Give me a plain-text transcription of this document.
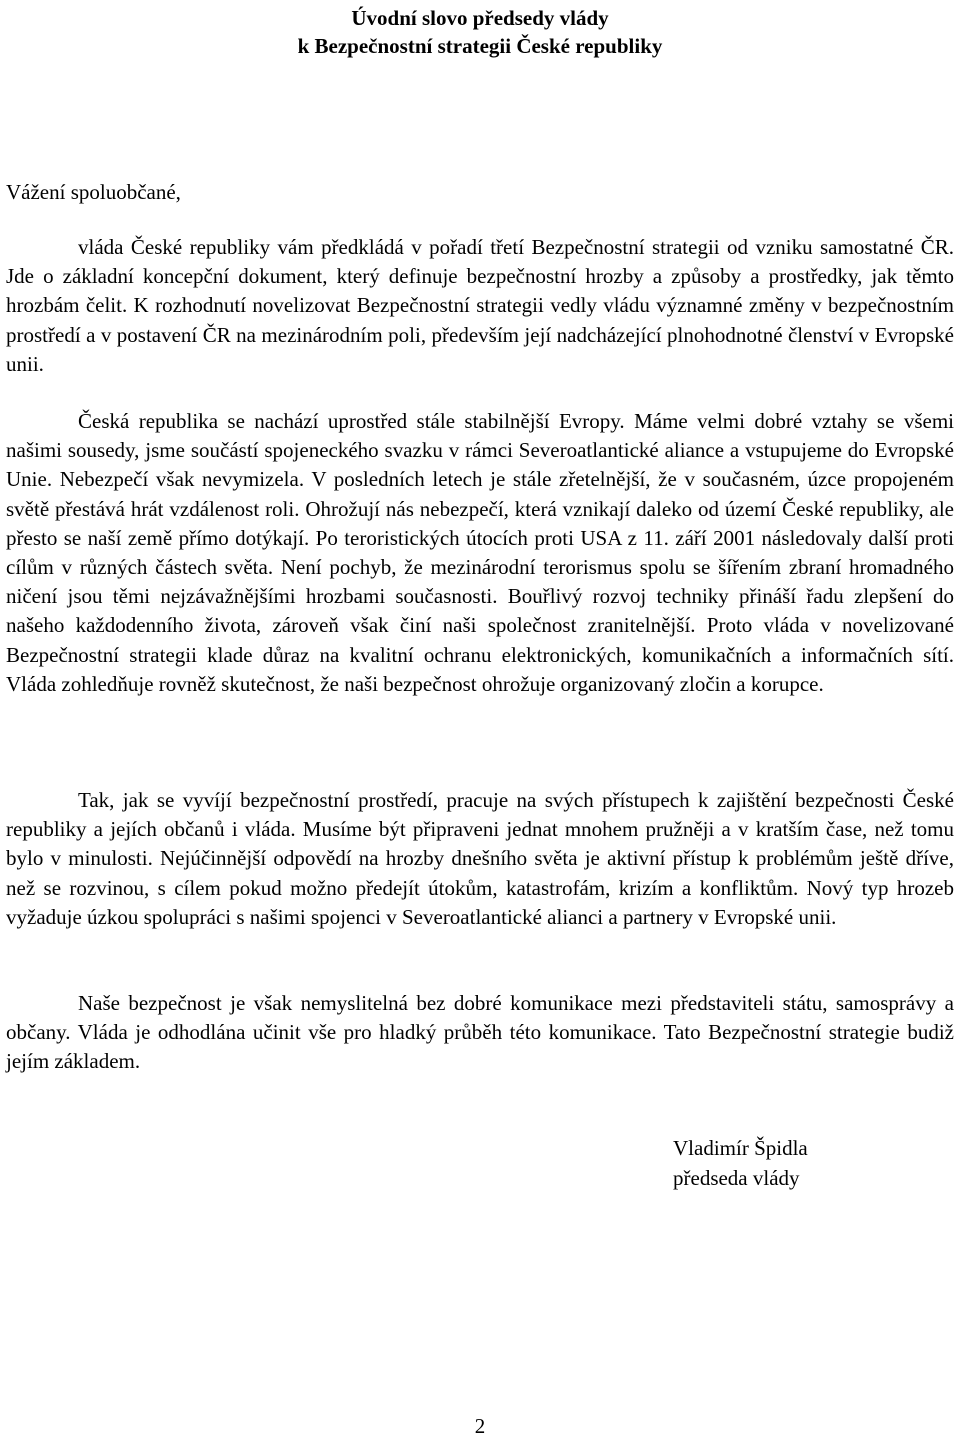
Úvodní slovo předsedy vlády
k Bezpečnostní strategii České republiky

Vážení spoluobčané,

vláda České republiky vám předkládá v pořadí třetí Bezpečnostní strategii od vzniku samostatné ČR. Jde o základní koncepční dokument, který definuje bezpečnostní hrozby a způsoby a prostředky, jak těmto hrozbám čelit. K rozhodnutí novelizovat Bezpečnostní strategii vedly vládu významné změny v bezpečnostním prostředí a v postavení ČR na mezinárodním poli, především její nadcházející plnohodnotné členství v Evropské unii.

Česká republika se nachází uprostřed stále stabilnější Evropy. Máme velmi dobré vztahy se všemi našimi sousedy, jsme součástí spojeneckého svazku v rámci Severoatlantické aliance a vstupujeme do Evropské Unie. Nebezpečí však nevymizela. V posledních letech je stále zřetelnější, že v současném, úzce propojeném světě přestává hrát vzdálenost roli. Ohrožují nás nebezpečí, která vznikají daleko od území České republiky, ale přesto se naší země přímo dotýkají. Po teroristických útocích proti USA z 11. září 2001 následovaly další proti cílům v různých částech světa. Není pochyb, že mezinárodní terorismus spolu se šířením zbraní hromadného ničení jsou těmi nejzávažnějšími hrozbami současnosti. Bouřlivý rozvoj techniky přináší řadu zlepšení do našeho každodenního života, zároveň však činí naši společnost zranitelnější. Proto vláda v novelizované Bezpečnostní strategii klade důraz na kvalitní ochranu elektronických, komunikačních a informačních sítí. Vláda zohledňuje rovněž skutečnost, že naši bezpečnost ohrožuje organizovaný zločin a korupce.

Tak, jak se vyvíjí bezpečnostní prostředí, pracuje na svých přístupech k zajištění bezpečnosti České republiky a jejích občanů i vláda. Musíme být připraveni jednat mnohem pružněji a v kratším čase, než tomu bylo v minulosti. Nejúčinnější odpovědí na hrozby dnešního světa je aktivní přístup k problémům ještě dříve, než se rozvinou, s cílem pokud možno předejít útokům, katastrofám, krizím a konfliktům. Nový typ hrozeb vyžaduje úzkou spolupráci s našimi spojenci v Severoatlantické alianci a partnery v Evropské unii.

Naše bezpečnost je však nemyslitelná bez dobré komunikace mezi představiteli státu, samosprávy a občany. Vláda je odhodlána učinit vše pro hladký průběh této komunikace. Tato Bezpečnostní strategie budiž jejím základem.

Vladimír Špidla
předseda vlády
2
